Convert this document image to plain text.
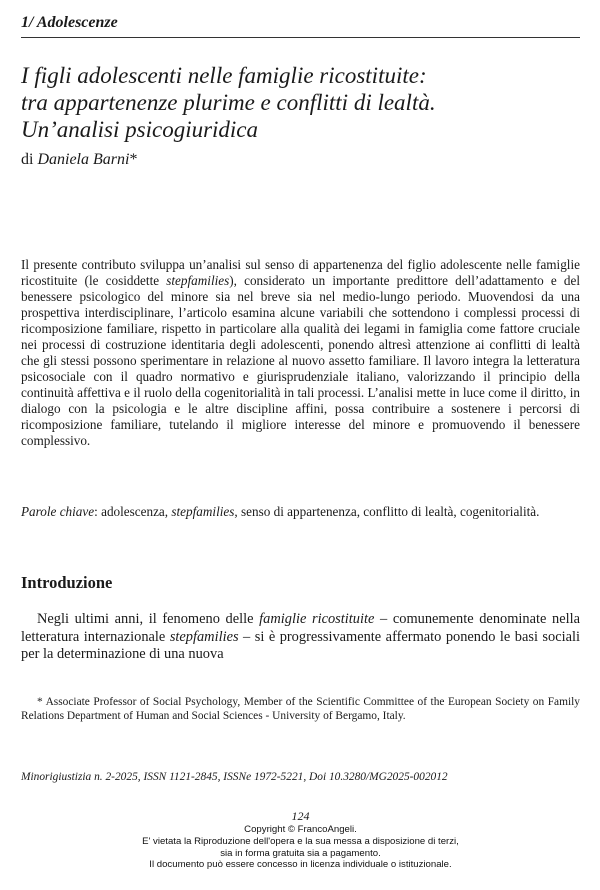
1/ Adolescenze
I figli adolescenti nelle famiglie ricostituite:
tra appartenenze plurime e conflitti di lealtà.
Un’analisi psicogiuridica
di Daniela Barni*
Il presente contributo sviluppa un’analisi sul senso di appartenenza del figlio adolescente nelle famiglie ricostituite (le cosiddette stepfamilies), considerato un importante predittore dell’adattamento e del benessere psicologico del minore sia nel breve sia nel medio-lungo periodo. Muovendosi da una prospettiva interdisciplinare, l’articolo esamina alcune variabili che sottendono i complessi processi di ricomposizione familiare, rispetto in particolare alla qualità dei legami in famiglia come fattore cruciale nei processi di costruzione identitaria degli adolescenti, ponendo altresì attenzione ai conflitti di lealtà che gli stessi possono sperimentare in relazione al nuovo assetto familiare. Il lavoro integra la letteratura psicosociale con il quadro normativo e giurisprudenziale italiano, valorizzando il principio della continuità affettiva e il ruolo della cogenitorialità in tali processi. L’analisi mette in luce come il diritto, in dialogo con la psicologia e le altre discipline affini, possa contribuire a sostenere i percorsi di ricomposizione familiare, tutelando il migliore interesse del minore e promuovendo il benessere complessivo.
Parole chiave: adolescenza, stepfamilies, senso di appartenenza, conflitto di lealtà, cogenitorialità.
Introduzione
Negli ultimi anni, il fenomeno delle famiglie ricostituite – comunemente denominate nella letteratura internazionale stepfamilies – si è progressivamente affermato ponendo le basi sociali per la determinazione di una nuova
* Associate Professor of Social Psychology, Member of the Scientific Committee of the European Society on Family Relations Department of Human and Social Sciences - University of Bergamo, Italy.
Minorigiustizia n. 2-2025, ISSN 1121-2845, ISSNe 1972-5221, Doi 10.3280/MG2025-002012
124
Copyright © FrancoAngeli.
E' vietata la Riproduzione dell'opera e la sua messa a disposizione di terzi,
sia in forma gratuita sia a pagamento.
Il documento può essere concesso in licenza individuale o istituzionale.
